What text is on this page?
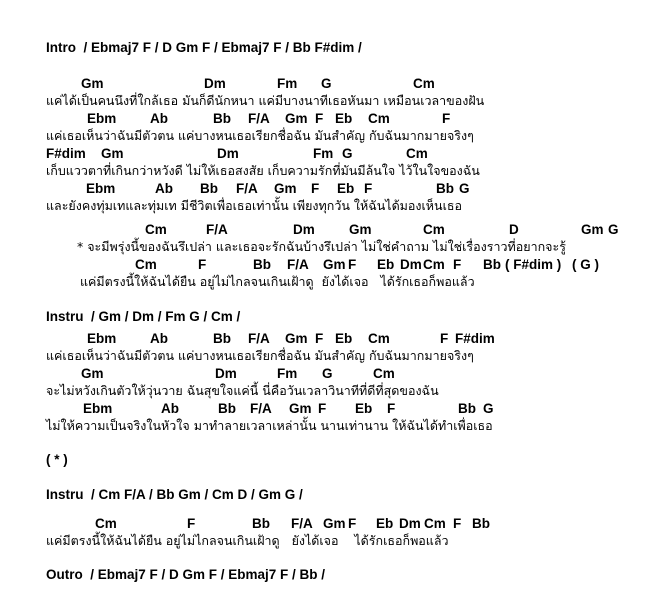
Intro  / Ebmaj7 F / D Gm F / Ebmaj7 F / Bb F#dim /

Gm

	Dm

	Fm

G

	Cm

แค่ได้เป็นคนนึงที่ใกล้เธอ มันก็ดีนักหนา แค่มีบางนาทีเธอหันมา เหมือนเวลาของฝัน

Ebm

Ab

	Bb

F/A

Gm

F

Eb

Cm

	F

แค่เธอเห็นว่าฉันมีตัวตน แค่บางหนเธอเรียกชื่อฉัน มันสำคัญ กับฉันมากมายจริงๆ

F#dim

Gm

	Dm

	Fm

G

	Cm

เก็บแววตาที่เกินกว่าหวังดี ไม่ให้เธอสงสัย เก็บความรักที่มันมีล้นใจ ไว้ในใจของฉัน

Ebm

	Ab

Bb

F/A

Gm

F

Eb

F

	Bb

G

และยังคงทุ่มเทและทุ่มเท มีชีวิตเพื่อเธอเท่านั้น เพียงทุกวัน ให้ฉันได้มองเห็นเธอ

Cm

	F/A

	Dm

	Gm

	Cm

	D

	Gm

G

* จะมีพรุ่งนี้ของฉันรึเปล่า และเธอจะรักฉันบ้างรึเปล่า ไม่ใช่คำถาม ไม่ใช่เรื่องราวที่อยากจะรู้

Cm

	F

	Bb

F/A

Gm

F

Eb

Dm

Cm

F

Bb

( F#dim )

( G )

แค่มีตรงนี้ให้ฉันได้ยืน อยู่ไม่ไกลจนเกินเฝ้าดู  ยังได้เจอ   ได้รักเธอก็พอแล้ว
Instru  / Gm / Dm / Fm G / Cm /

Ebm

Ab

	Bb

F/A

Gm

F

Eb

Cm

	F

F#dim

แค่เธอเห็นว่าฉันมีตัวตน แค่บางหนเธอเรียกชื่อฉัน มันสำคัญ กับฉันมากมายจริงๆ

Gm

	Dm

	Fm

G

	Cm

จะไม่หวังเกินตัวให้วุ่นวาย ฉันสุขใจแค่นี้ นี่คือวันเวลาวินาทีที่ดีที่สุดของฉัน

Ebm

	Ab

	Bb

F/A

Gm

F

Eb

F

	Bb

G

ไม่ให้ความเป็นจริงในหัวใจ มาทำลายเวลาเหล่านั้น นานเท่านาน ให้ฉันได้ทำเพื่อเธอ
( * )
Instru  / Cm F/A / Bb Gm / Cm D / Gm G /

Cm

	F

	Bb

F/A

Gm

F

Eb

Dm

Cm

F

Bb

แค่มีตรงนี้ให้ฉันได้ยืน อยู่ไม่ไกลจนเกินเฝ้าดู   ยังได้เจอ    ได้รักเธอก็พอแล้ว
Outro  / Ebmaj7 F / D Gm F / Ebmaj7 F / Bb /
